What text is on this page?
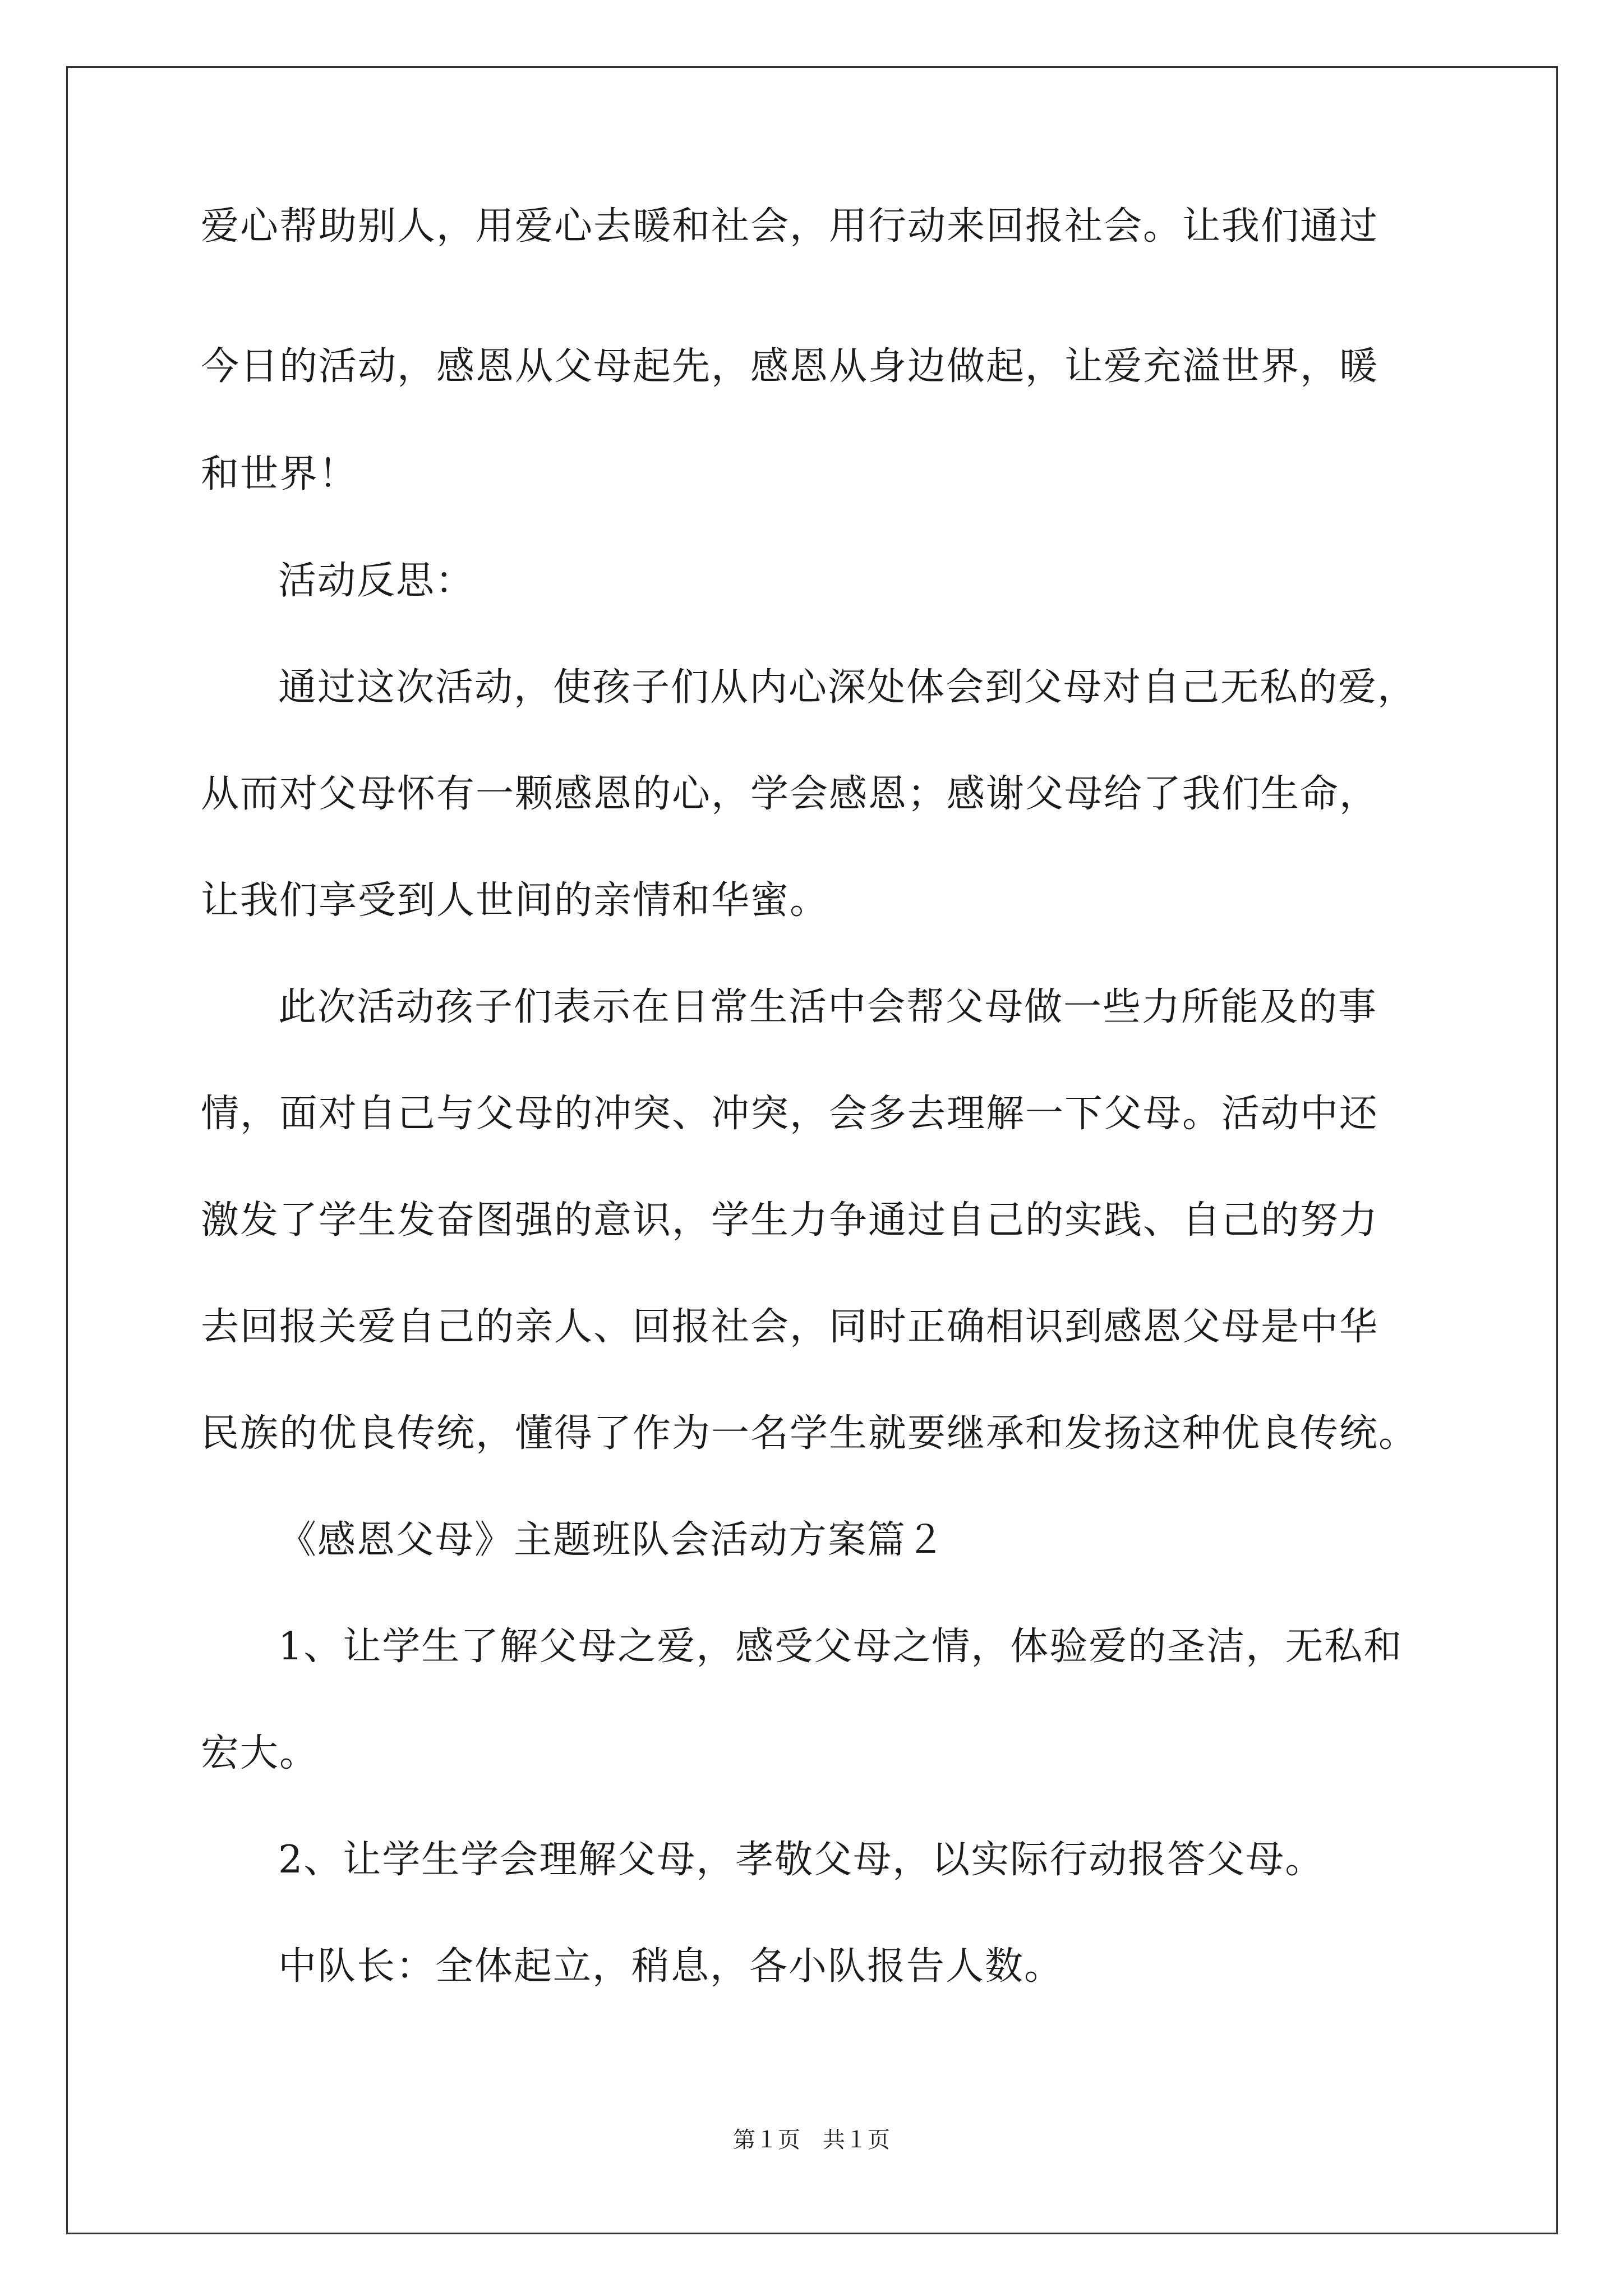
爱心帮助别人，用爱心去暖和社会，用行动来回报社会。让我们通过
今日的活动，感恩从父母起先，感恩从身边做起，让爱充溢世界，暖
和世界！
活动反思：
通过这次活动，使孩子们从内心深处体会到父母对自己无私的爱，
从而对父母怀有一颗感恩的心，学会感恩；感谢父母给了我们生命，
让我们享受到人世间的亲情和华蜜。
此次活动孩子们表示在日常生活中会帮父母做一些力所能及的事
情，面对自己与父母的冲突、冲突，会多去理解一下父母。活动中还
激发了学生发奋图强的意识，学生力争通过自己的实践、自己的努力
去回报关爱自己的亲人、回报社会，同时正确相识到感恩父母是中华
民族的优良传统，懂得了作为一名学生就要继承和发扬这种优良传统。
《感恩父母》主题班队会活动方案篇２
1、让学生了解父母之爱，感受父母之情，体验爱的圣洁，无私和
宏大。
2、让学生学会理解父母，孝敬父母，以实际行动报答父母。
中队长：全体起立，稍息，各小队报告人数。
第１页　共１页
